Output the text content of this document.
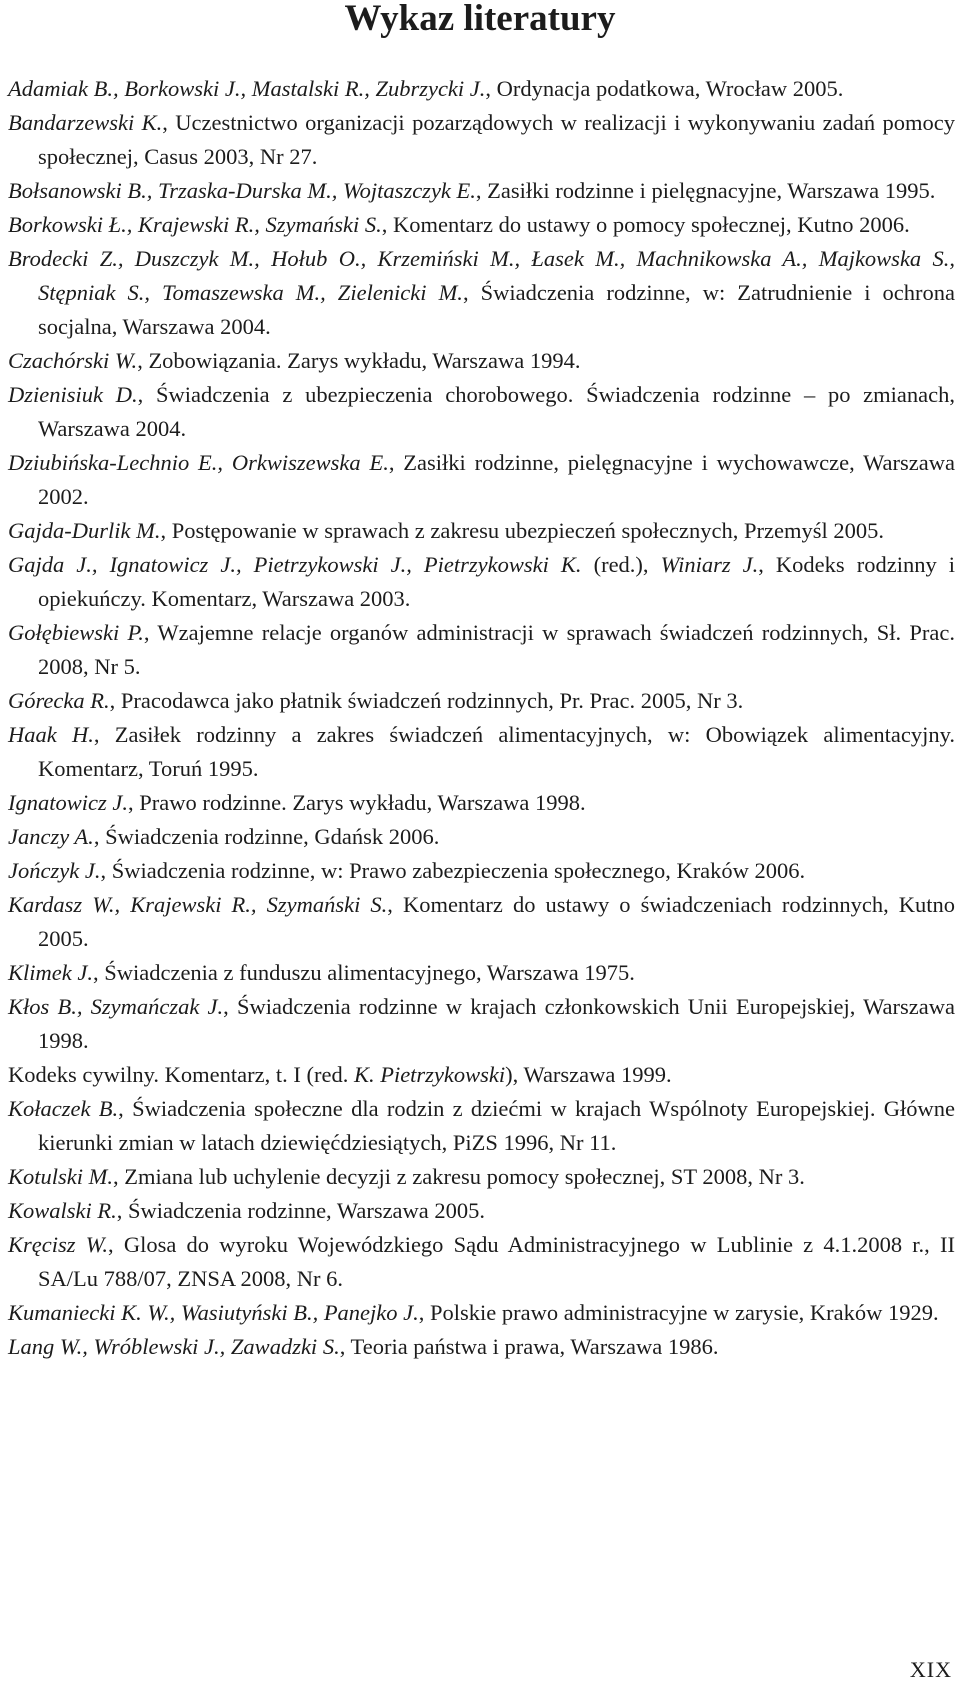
Wykaz literatury
Adamiak B., Borkowski J., Mastalski R., Zubrzycki J., Ordynacja podatkowa, Wrocław 2005.
Bandarzewski K., Uczestnictwo organizacji pozarządowych w realizacji i wykonywaniu zadań pomocy społecznej, Casus 2003, Nr 27.
Bołsanowski B., Trzaska-Durska M., Wojtaszczyk E., Zasiłki rodzinne i pielęgnacyjne, Warszawa 1995.
Borkowski Ł., Krajewski R., Szymański S., Komentarz do ustawy o pomocy społecznej, Kutno 2006.
Brodecki Z., Duszczyk M., Hołub O., Krzemiński M., Łasek M., Machnikowska A., Majkowska S., Stępniak S., Tomaszewska M., Zielenicki M., Świadczenia rodzinne, w: Zatrudnienie i ochrona socjalna, Warszawa 2004.
Czachórski W., Zobowiązania. Zarys wykładu, Warszawa 1994.
Dzienisiuk D., Świadczenia z ubezpieczenia chorobowego. Świadczenia rodzinne – po zmianach, Warszawa 2004.
Dziubińska-Lechnio E., Orkwiszewska E., Zasiłki rodzinne, pielęgnacyjne i wychowawcze, Warszawa 2002.
Gajda-Durlik M., Postępowanie w sprawach z zakresu ubezpieczeń społecznych, Przemyśl 2005.
Gajda J., Ignatowicz J., Pietrzykowski J., Pietrzykowski K. (red.), Winiarz J., Kodeks rodzinny i opiekuńczy. Komentarz, Warszawa 2003.
Gołębiewski P., Wzajemne relacje organów administracji w sprawach świadczeń rodzinnych, Sł. Prac. 2008, Nr 5.
Górecka R., Pracodawca jako płatnik świadczeń rodzinnych, Pr. Prac. 2005, Nr 3.
Haak H., Zasiłek rodzinny a zakres świadczeń alimentacyjnych, w: Obowiązek alimentacyjny. Komentarz, Toruń 1995.
Ignatowicz J., Prawo rodzinne. Zarys wykładu, Warszawa 1998.
Janczy A., Świadczenia rodzinne, Gdańsk 2006.
Jończyk J., Świadczenia rodzinne, w: Prawo zabezpieczenia społecznego, Kraków 2006.
Kardasz W., Krajewski R., Szymański S., Komentarz do ustawy o świadczeniach rodzinnych, Kutno 2005.
Klimek J., Świadczenia z funduszu alimentacyjnego, Warszawa 1975.
Kłos B., Szymańczak J., Świadczenia rodzinne w krajach członkowskich Unii Europejskiej, Warszawa 1998.
Kodeks cywilny. Komentarz, t. I (red. K. Pietrzykowski), Warszawa 1999.
Kołaczek B., Świadczenia społeczne dla rodzin z dziećmi w krajach Wspólnoty Europejskiej. Główne kierunki zmian w latach dziewięćdziesiątych, PiZS 1996, Nr 11.
Kotulski M., Zmiana lub uchylenie decyzji z zakresu pomocy społecznej, ST 2008, Nr 3.
Kowalski R., Świadczenia rodzinne, Warszawa 2005.
Kręcisz W., Glosa do wyroku Wojewódzkiego Sądu Administracyjnego w Lublinie z 4.1.2008 r., II SA/Lu 788/07, ZNSA 2008, Nr 6.
Kumaniecki K. W., Wasiutyński B., Panejko J., Polskie prawo administracyjne w zarysie, Kraków 1929.
Lang W., Wróblewski J., Zawadzki S., Teoria państwa i prawa, Warszawa 1986.
XIX
